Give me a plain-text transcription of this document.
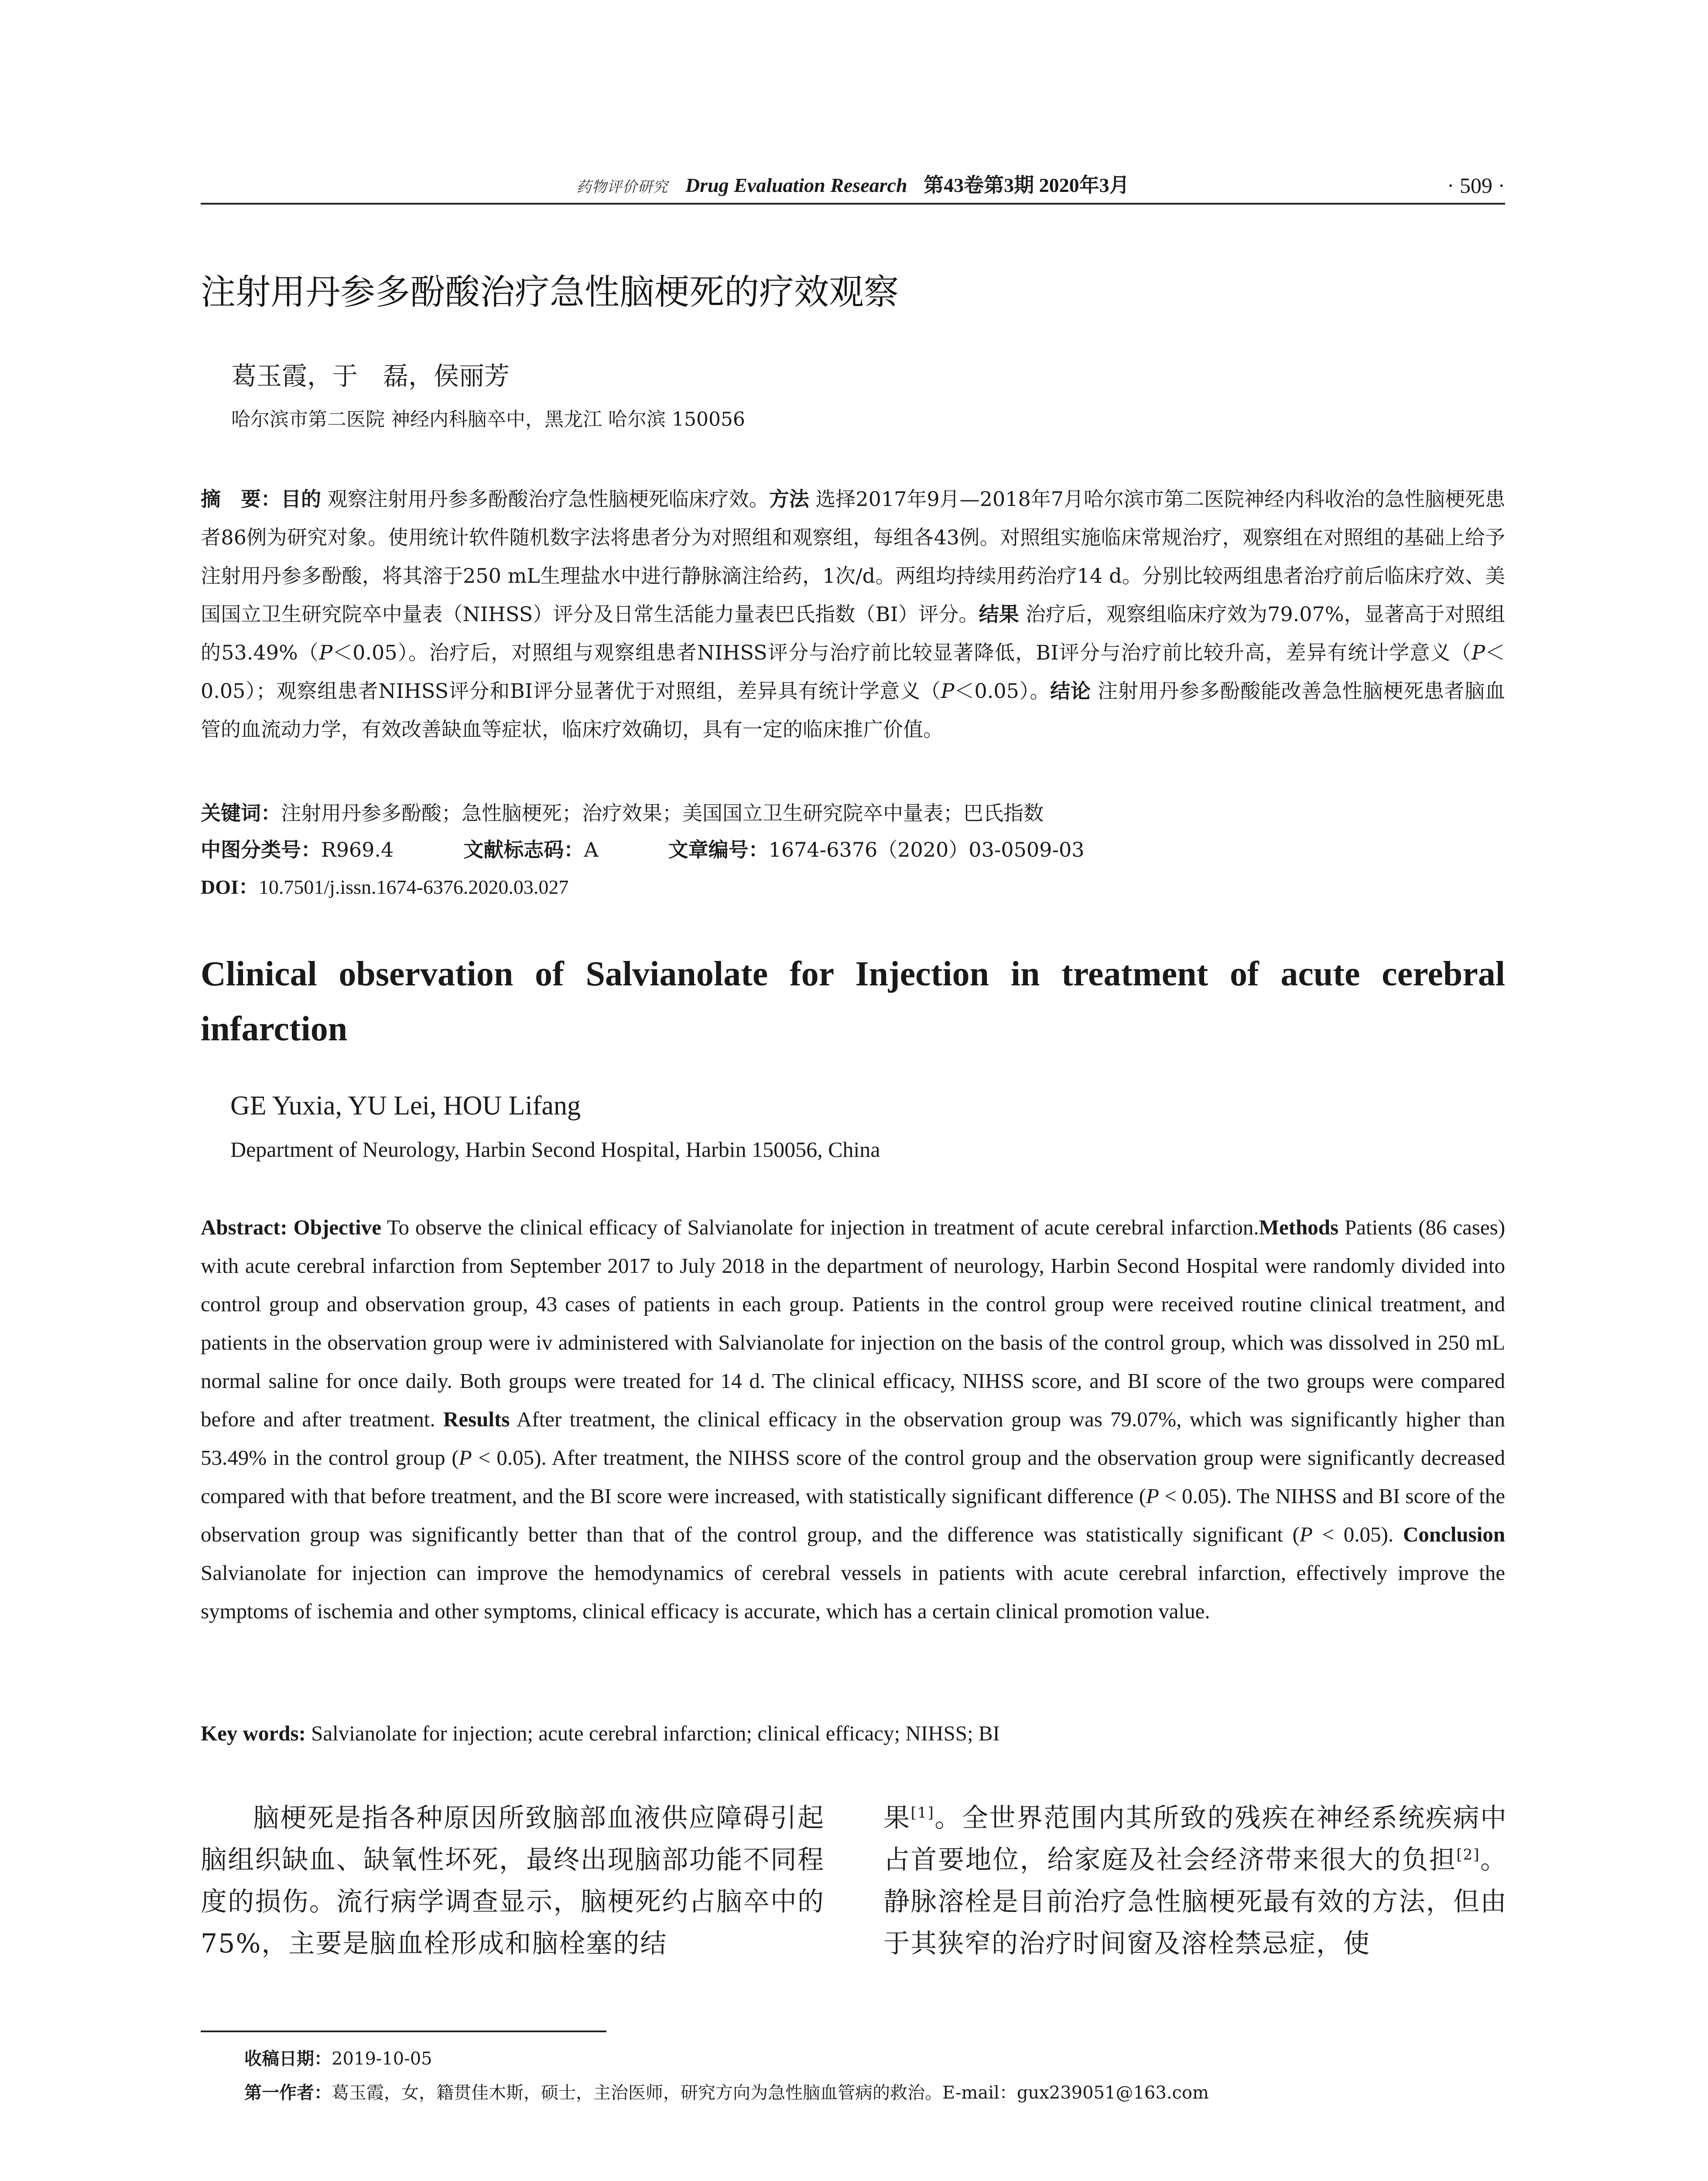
药物评价研究 Drug Evaluation Research 第43卷第3期 2020年3月	· 509 ·
注射用丹参多酚酸治疗急性脑梗死的疗效观察
葛玉霞，于　磊，侯丽芳
哈尔滨市第二医院 神经内科脑卒中，黑龙江 哈尔滨 150056
摘　要：目的 观察注射用丹参多酚酸治疗急性脑梗死临床疗效。方法 选择2017年9月—2018年7月哈尔滨市第二医院神经内科收治的急性脑梗死患者86例为研究对象。使用统计软件随机数字法将患者分为对照组和观察组，每组各43例。对照组实施临床常规治疗，观察组在对照组的基础上给予注射用丹参多酚酸，将其溶于250 mL生理盐水中进行静脉滴注给药，1次/d。两组均持续用药治疗14 d。分别比较两组患者治疗前后临床疗效、美国国立卫生研究院卒中量表（NIHSS）评分及日常生活能力量表巴氏指数（BI）评分。结果 治疗后，观察组临床疗效为79.07%，显著高于对照组的53.49%（P＜0.05）。治疗后，对照组与观察组患者NIHSS评分与治疗前比较显著降低，BI评分与治疗前比较升高，差异有统计学意义（P＜0.05）；观察组患者NIHSS评分和BI评分显著优于对照组，差异具有统计学意义（P＜0.05）。结论 注射用丹参多酚酸能改善急性脑梗死患者脑血管的血流动力学，有效改善缺血等症状，临床疗效确切，具有一定的临床推广价值。
关键词：注射用丹参多酚酸；急性脑梗死；治疗效果；美国国立卫生研究院卒中量表；巴氏指数
中图分类号：R969.4	文献标志码：A	文章编号：1674-6376（2020）03-0509-03
DOI：10.7501/j.issn.1674-6376.2020.03.027
Clinical observation of Salvianolate for Injection in treatment of acute cerebral infarction
GE Yuxia, YU Lei, HOU Lifang
Department of Neurology, Harbin Second Hospital, Harbin 150056, China
Abstract: Objective To observe the clinical efficacy of Salvianolate for injection in treatment of acute cerebral infarction.Methods Patients (86 cases) with acute cerebral infarction from September 2017 to July 2018 in the department of neurology, Harbin Second Hospital were randomly divided into control group and observation group, 43 cases of patients in each group. Patients in the control group were received routine clinical treatment, and patients in the observation group were iv administered with Salvianolate for injection on the basis of the control group, which was dissolved in 250 mL normal saline for once daily. Both groups were treated for 14 d. The clinical efficacy, NIHSS score, and BI score of the two groups were compared before and after treatment. Results After treatment, the clinical efficacy in the observation group was 79.07%, which was significantly higher than 53.49% in the control group (P < 0.05). After treatment, the NIHSS score of the control group and the observation group were significantly decreased compared with that before treatment, and the BI score were increased, with statistically significant difference (P < 0.05). The NIHSS and BI score of the observation group was significantly better than that of the control group, and the difference was statistically significant (P < 0.05). Conclusion Salvianolate for injection can improve the hemodynamics of cerebral vessels in patients with acute cerebral infarction, effectively improve the symptoms of ischemia and other symptoms, clinical efficacy is accurate, which has a certain clinical promotion value.
Key words: Salvianolate for injection; acute cerebral infarction; clinical efficacy; NIHSS; BI
脑梗死是指各种原因所致脑部血液供应障碍引起脑组织缺血、缺氧性坏死，最终出现脑部功能不同程度的损伤。流行病学调查显示，脑梗死约占脑卒中的75%，主要是脑血栓形成和脑栓塞的结
果[1]。全世界范围内其所致的残疾在神经系统疾病中占首要地位，给家庭及社会经济带来很大的负担[2]。静脉溶栓是目前治疗急性脑梗死最有效的方法，但由于其狭窄的治疗时间窗及溶栓禁忌症，使
收稿日期：2019-10-05
第一作者：葛玉霞，女，籍贯佳木斯，硕士，主治医师，研究方向为急性脑血管病的救治。E-mail：gux239051@163.com
